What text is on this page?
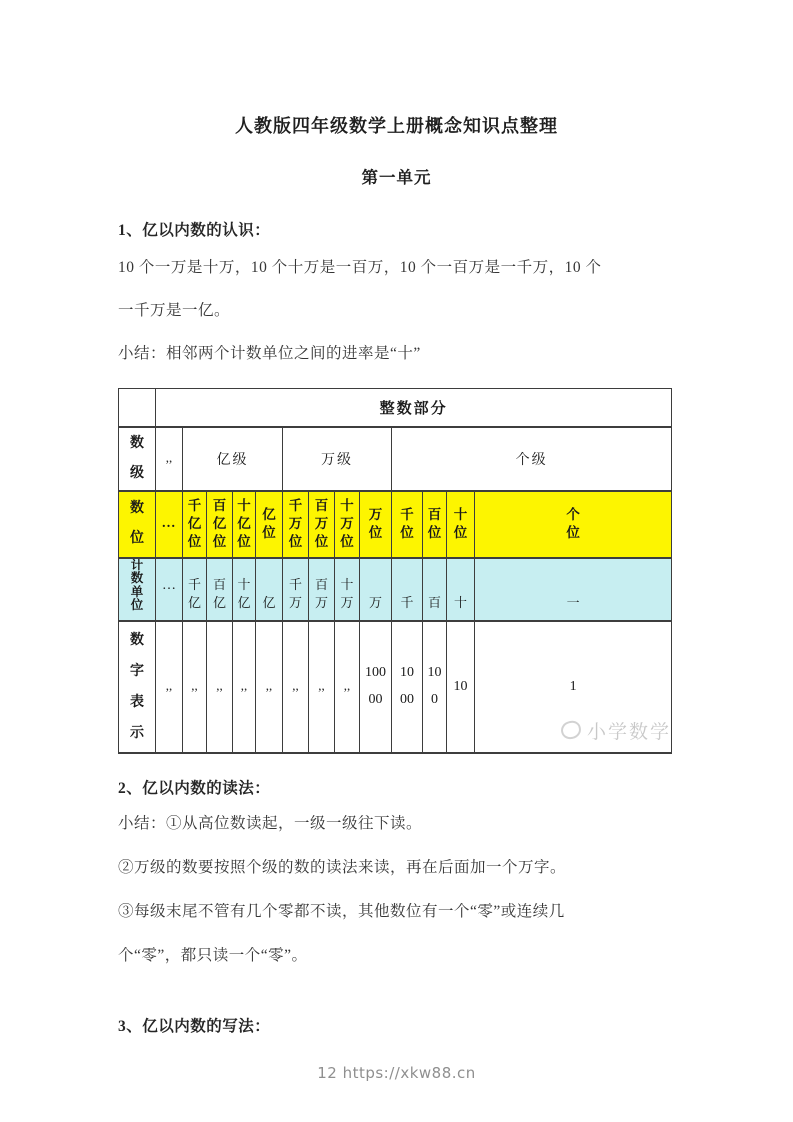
人教版四年级数学上册概念知识点整理
第一单元
1、亿以内数的认识：
10 个一万是十万，10 个十万是一百万，10 个一百万是一千万，10 个
一千万是一亿。
小结：相邻两个计数单位之间的进率是“十”
	整数部分												

数级	,,	亿级				万级				个级			

数位	…	千亿位	百亿位	十亿位	亿位	千万位	百万位	十万位	万位	千位	百位	十位	个位

计数单位	…	千亿	百亿	十亿	亿	千万	百万	十万	万	千	百	十	一

数字表示	,,	,,	,,	,,	,,	,,	,,	,,	10000	1000	100	10	1
小学数学
2、亿以内数的读法：
小结：①从高位数读起，一级一级往下读。
②万级的数要按照个级的数的读法来读，再在后面加一个万字。
③每级末尾不管有几个零都不读，其他数位有一个“零”或连续几
个“零”，都只读一个“零”。
3、亿以内数的写法：
12 https://xkw88.cn
